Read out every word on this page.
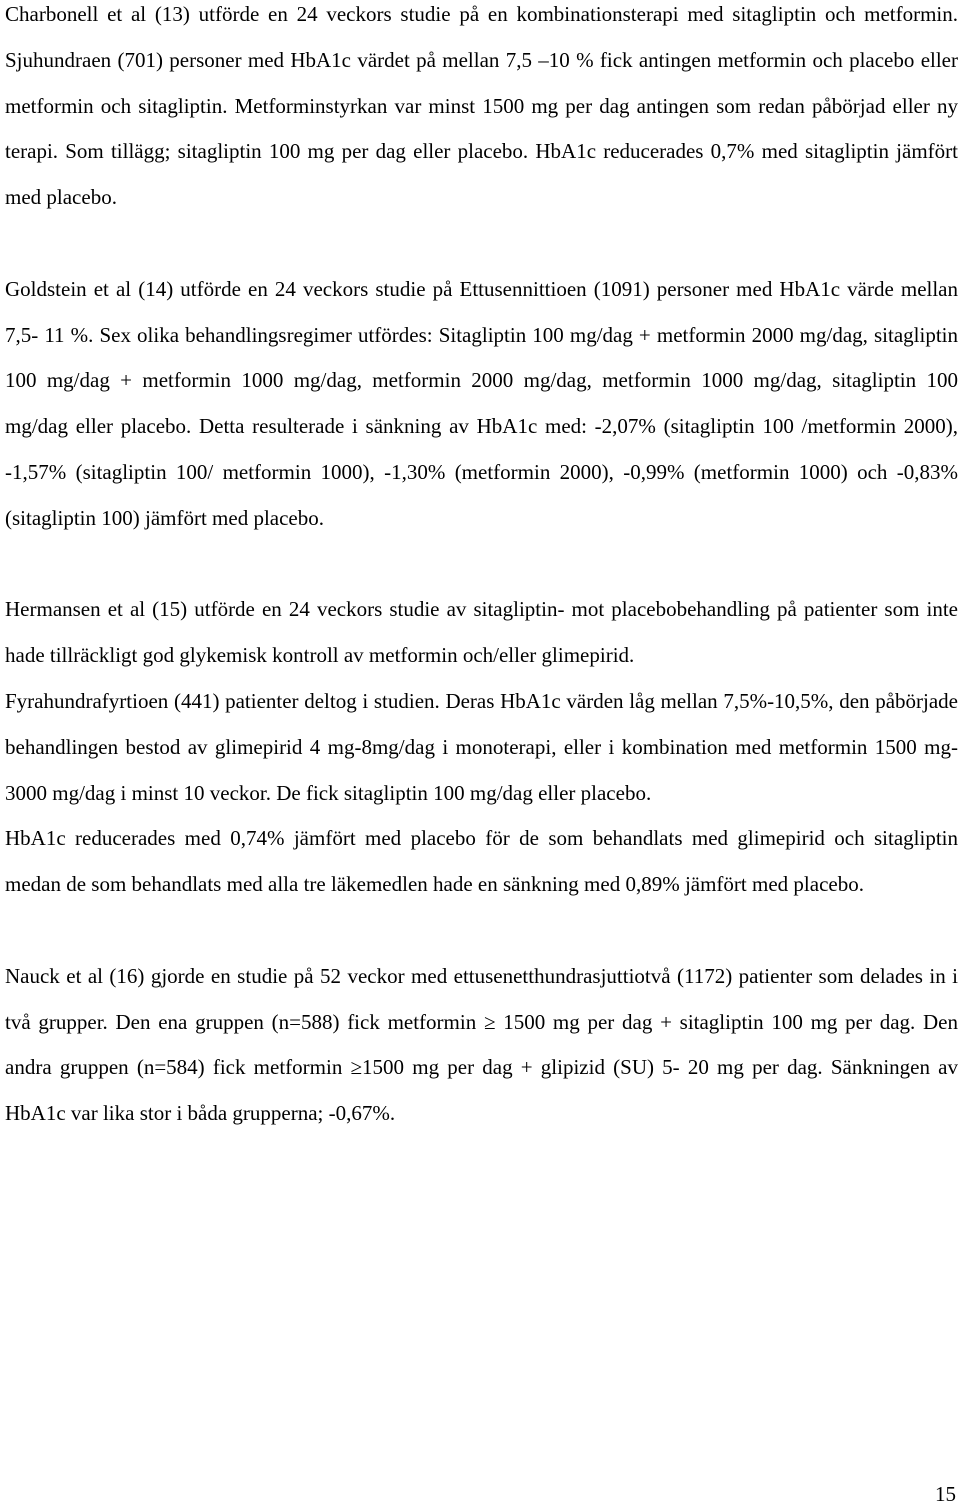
Charbonell et al (13) utförde en 24 veckors studie på en kombinationsterapi med sitagliptin och metformin. Sjuhundraen (701) personer med HbA1c värdet på mellan 7,5 –10 % fick antingen metformin och placebo eller metformin och sitagliptin. Metforminstyrkan var minst 1500 mg per dag antingen som redan påbörjad eller ny terapi. Som tillägg; sitagliptin 100 mg per dag eller placebo. HbA1c reducerades 0,7% med sitagliptin jämfört med placebo.

Goldstein et al (14) utförde en 24 veckors studie på Ettusennittioen (1091) personer med HbA1c värde mellan 7,5- 11 %. Sex olika behandlingsregimer utfördes: Sitagliptin 100 mg/dag + metformin 2000 mg/dag, sitagliptin 100 mg/dag + metformin 1000 mg/dag, metformin 2000 mg/dag, metformin 1000 mg/dag, sitagliptin 100 mg/dag eller placebo. Detta resulterade i sänkning av HbA1c med: -2,07% (sitagliptin 100 /metformin 2000), -1,57% (sitagliptin 100/ metformin 1000), -1,30% (metformin 2000), -0,99% (metformin 1000) och -0,83% (sitagliptin 100) jämfört med placebo.

Hermansen et al (15) utförde en 24 veckors studie av sitagliptin- mot placebobehandling på patienter som inte hade tillräckligt god glykemisk kontroll av metformin och/eller glimepirid.

Fyrahundrafyrtioen (441) patienter deltog i studien. Deras HbA1c värden låg mellan 7,5%-10,5%, den påbörjade behandlingen bestod av glimepirid 4 mg-8mg/dag i monoterapi, eller i kombination med metformin 1500 mg-3000 mg/dag i minst 10 veckor. De fick sitagliptin 100 mg/dag eller placebo.

HbA1c reducerades med 0,74% jämfört med placebo för de som behandlats med glimepirid och sitagliptin medan de som behandlats med alla tre läkemedlen hade en sänkning med 0,89% jämfört med placebo.

Nauck et al (16) gjorde en studie på 52 veckor med ettusenetthundrasjuttiotvå (1172) patienter som delades in i två grupper. Den ena gruppen (n=588) fick metformin ≥ 1500 mg per dag + sitagliptin 100 mg per dag. Den andra gruppen (n=584) fick metformin ≥1500 mg per dag + glipizid (SU) 5- 20 mg per dag. Sänkningen av HbA1c var lika stor i båda grupperna; -0,67%.

15
